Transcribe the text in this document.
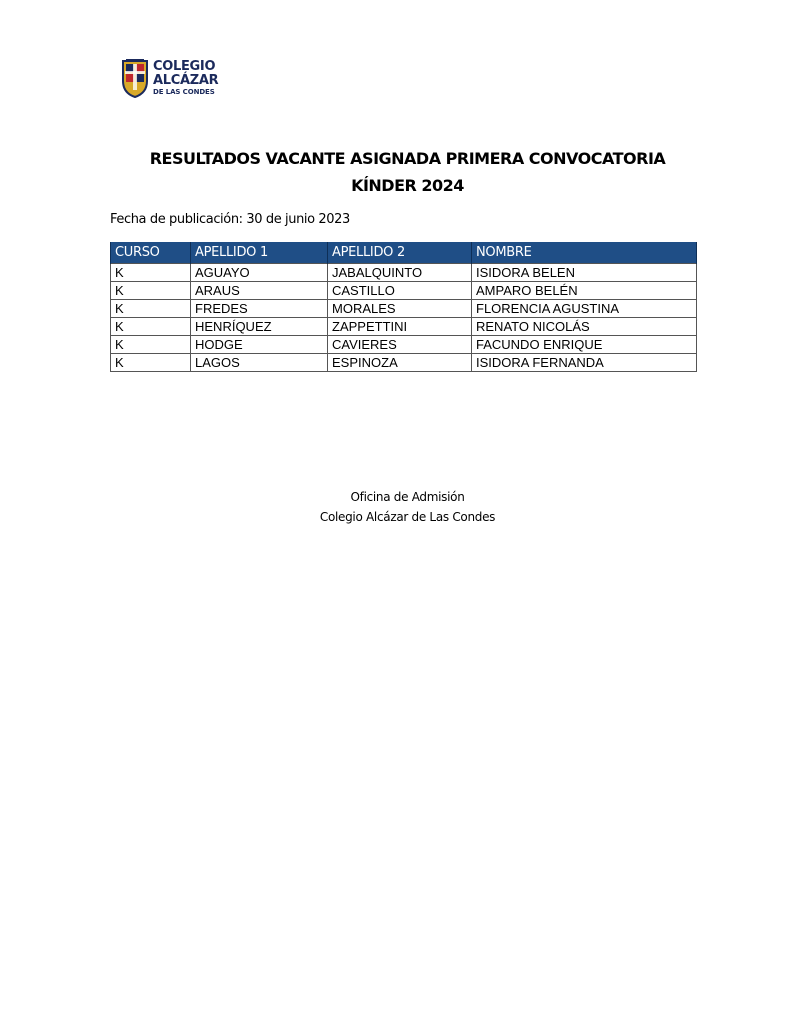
COLEGIO
ALCÁZAR
DE LAS CONDES
RESULTADOS VACANTE ASIGNADA PRIMERA CONVOCATORIA
KÍNDER 2024
Fecha de publicación: 30 de junio 2023
CURSO	APELLIDO 1	APELLIDO 2	NOMBRE
K	AGUAYO	JABALQUINTO	ISIDORA BELEN
K	ARAUS	CASTILLO	AMPARO BELÉN
K	FREDES	MORALES	FLORENCIA AGUSTINA
K	HENRÍQUEZ	ZAPPETTINI	RENATO NICOLÁS
K	HODGE	CAVIERES	FACUNDO ENRIQUE
K	LAGOS	ESPINOZA	ISIDORA FERNANDA
Oficina de Admisión
Colegio Alcázar de Las Condes
